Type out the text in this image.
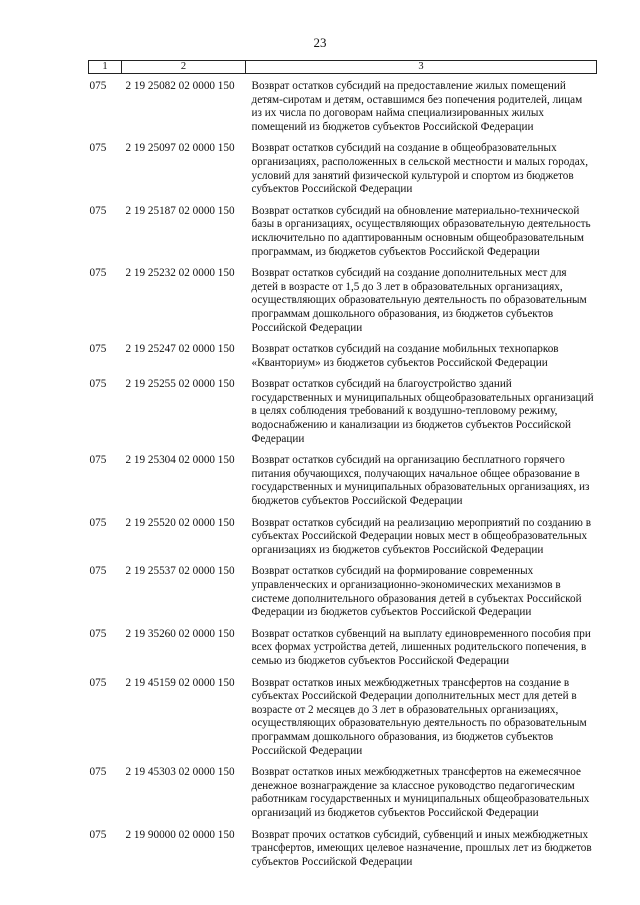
23
1	2	3

075	2 19 25082 02 0000 150	Возврат остатков субсидий на предоставление жилых помещений детям-сиротам и детям, оставшимся без попечения родителей, лицам из их числа по договорам найма специализированных жилых помещений из бюджетов субъектов Российской Федерации
075	2 19 25097 02 0000 150	Возврат остатков субсидий на создание в общеобразовательных организациях, расположенных в сельской местности и малых городах, условий для занятий физической культурой и спортом из бюджетов субъектов Российской Федерации
075	2 19 25187 02 0000 150	Возврат остатков субсидий на обновление материально-технической базы в организациях, осуществляющих образовательную деятельность исключительно по адаптированным основным общеобразовательным программам, из бюджетов субъектов Российской Федерации
075	2 19 25232 02 0000 150	Возврат остатков субсидий на создание дополнительных мест для детей в возрасте от 1,5 до 3 лет в образовательных организациях, осуществляющих образовательную деятельность по образовательным программам дошкольного образования, из бюджетов субъектов Российской Федерации
075	2 19 25247 02 0000 150	Возврат остатков субсидий на создание мобильных технопарков «Кванториум» из бюджетов субъектов Российской Федерации
075	2 19 25255 02 0000 150	Возврат остатков субсидий на благоустройство зданий государственных и муниципальных общеобразовательных организаций в целях соблюдения требований к воздушно-тепловому режиму, водоснабжению и канализации из бюджетов субъектов Российской Федерации
075	2 19 25304 02 0000 150	Возврат остатков субсидий на организацию бесплатного горячего питания обучающихся, получающих начальное общее образование в государственных и муниципальных образовательных организациях, из бюджетов субъектов Российской Федерации
075	2 19 25520 02 0000 150	Возврат остатков субсидий на реализацию мероприятий по созданию в субъектах Российской Федерации новых мест в общеобразовательных организациях из бюджетов субъектов Российской Федерации
075	2 19 25537 02 0000 150	Возврат остатков субсидий на формирование современных управленческих и организационно-экономических механизмов в системе дополнительного образования детей в субъектах Российской Федерации из бюджетов субъектов Российской Федерации
075	2 19 35260 02 0000 150	Возврат остатков субвенций на выплату единовременного пособия при всех формах устройства детей, лишенных родительского попечения, в семью из бюджетов субъектов Российской Федерации
075	2 19 45159 02 0000 150	Возврат остатков иных межбюджетных трансфертов на создание в субъектах Российской Федерации дополнительных мест для детей в возрасте от 2 месяцев до 3 лет в образовательных организациях, осуществляющих образовательную деятельность по образовательным программам дошкольного образования, из бюджетов субъектов Российской Федерации
075	2 19 45303 02 0000 150	Возврат остатков иных межбюджетных трансфертов на ежемесячное денежное вознаграждение за классное руководство педагогическим работникам государственных и муниципальных общеобразовательных организаций из бюджетов субъектов Российской Федерации
075	2 19 90000 02 0000 150	Возврат прочих остатков субсидий, субвенций и иных межбюджетных трансфертов, имеющих целевое назначение, прошлых лет из бюджетов субъектов Российской Федерации
